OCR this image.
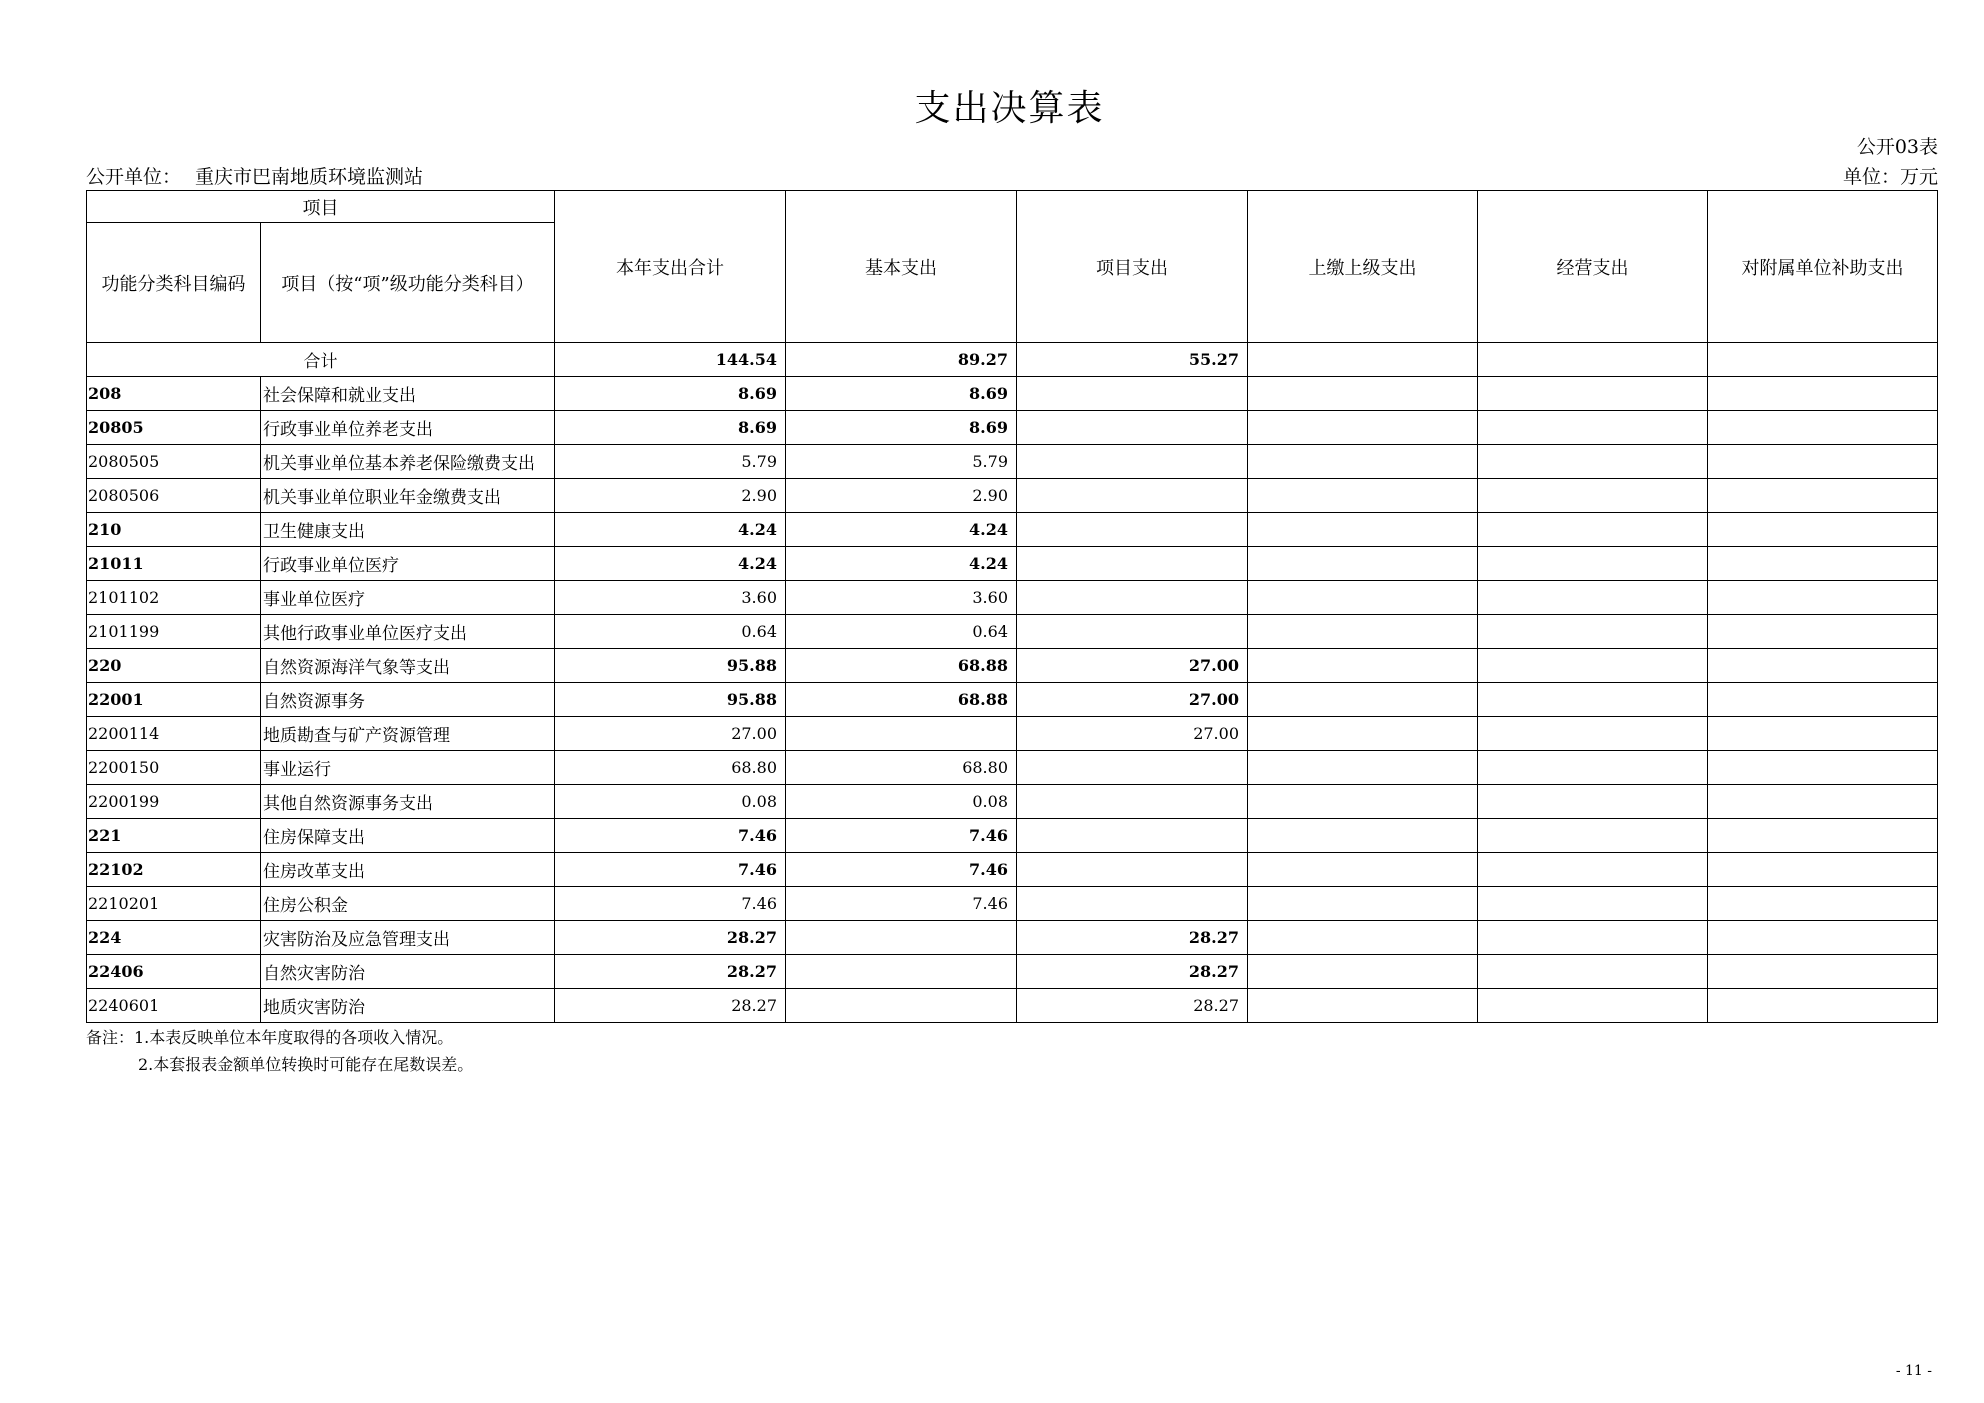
支出决算表
公开03表
公开单位： 重庆市巴南地质环境监测站	单位：万元
项目		本年支出合计	基本支出	项目支出	上缴上级支出	经营支出	对附属单位补助支出
功能分类科目编码	项目（按“项”级功能分类科目）						
合计		144.54	89.27	55.27			
208	社会保障和就业支出	8.69	8.69				
20805	行政事业单位养老支出	8.69	8.69				
2080505	机关事业单位基本养老保险缴费支出	5.79	5.79				
2080506	机关事业单位职业年金缴费支出	2.90	2.90				
210	卫生健康支出	4.24	4.24				
21011	行政事业单位医疗	4.24	4.24				
2101102	事业单位医疗	3.60	3.60				
2101199	其他行政事业单位医疗支出	0.64	0.64				
220	自然资源海洋气象等支出	95.88	68.88	27.00			
22001	自然资源事务	95.88	68.88	27.00			
2200114	地质勘查与矿产资源管理	27.00		27.00			
2200150	事业运行	68.80	68.80				
2200199	其他自然资源事务支出	0.08	0.08				
221	住房保障支出	7.46	7.46				
22102	住房改革支出	7.46	7.46				
2210201	住房公积金	7.46	7.46				
224	灾害防治及应急管理支出	28.27		28.27			
22406	自然灾害防治	28.27		28.27			
2240601	地质灾害防治	28.27		28.27			
备注：1.本表反映单位本年度取得的各项收入情况。
2.本套报表金额单位转换时可能存在尾数误差。
- 11 -
